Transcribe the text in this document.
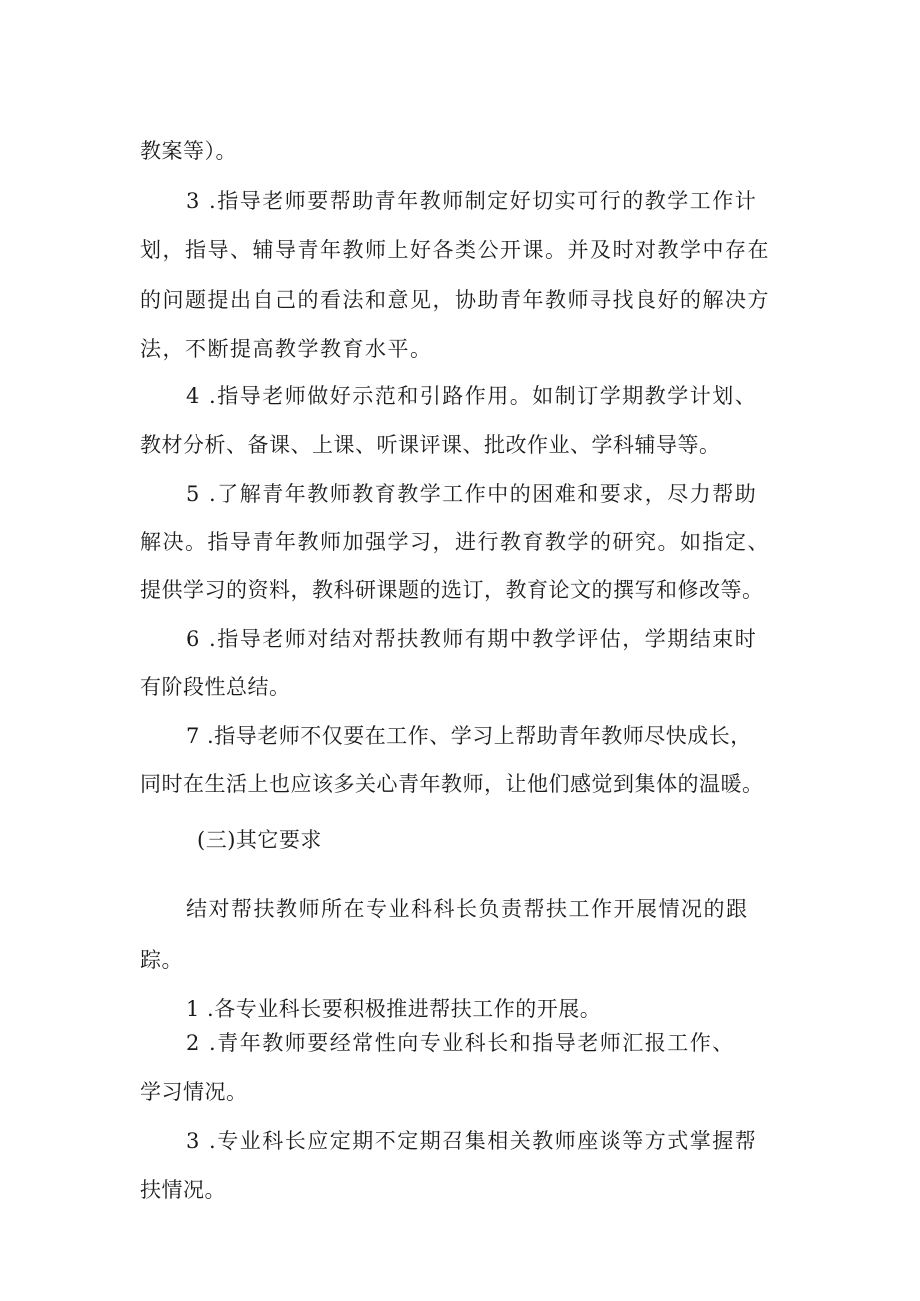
教案等）。
3 .指导老师要帮助青年教师制定好切实可行的教学工作计
划，指导、辅导青年教师上好各类公开课。并及时对教学中存在
的问题提出自己的看法和意见，协助青年教师寻找良好的解决方
法，不断提高教学教育水平。
4 .指导老师做好示范和引路作用。如制订学期教学计划、
教材分析、备课、上课、听课评课、批改作业、学科辅导等。
5 .了解青年教师教育教学工作中的困难和要求，尽力帮助
解决。指导青年教师加强学习，进行教育教学的研究。如指定、
提供学习的资料，教科研课题的选订，教育论文的撰写和修改等。
6 .指导老师对结对帮扶教师有期中教学评估，学期结束时
有阶段性总结。
7 .指导老师不仅要在工作、学习上帮助青年教师尽快成长，
同时在生活上也应该多关心青年教师，让他们感觉到集体的温暖。
(三)其它要求
结对帮扶教师所在专业科科长负责帮扶工作开展情况的跟
踪。
1 .各专业科长要积极推进帮扶工作的开展。
2 .青年教师要经常性向专业科长和指导老师汇报工作、
学习情况。
3 .专业科长应定期不定期召集相关教师座谈等方式掌握帮
扶情况。
